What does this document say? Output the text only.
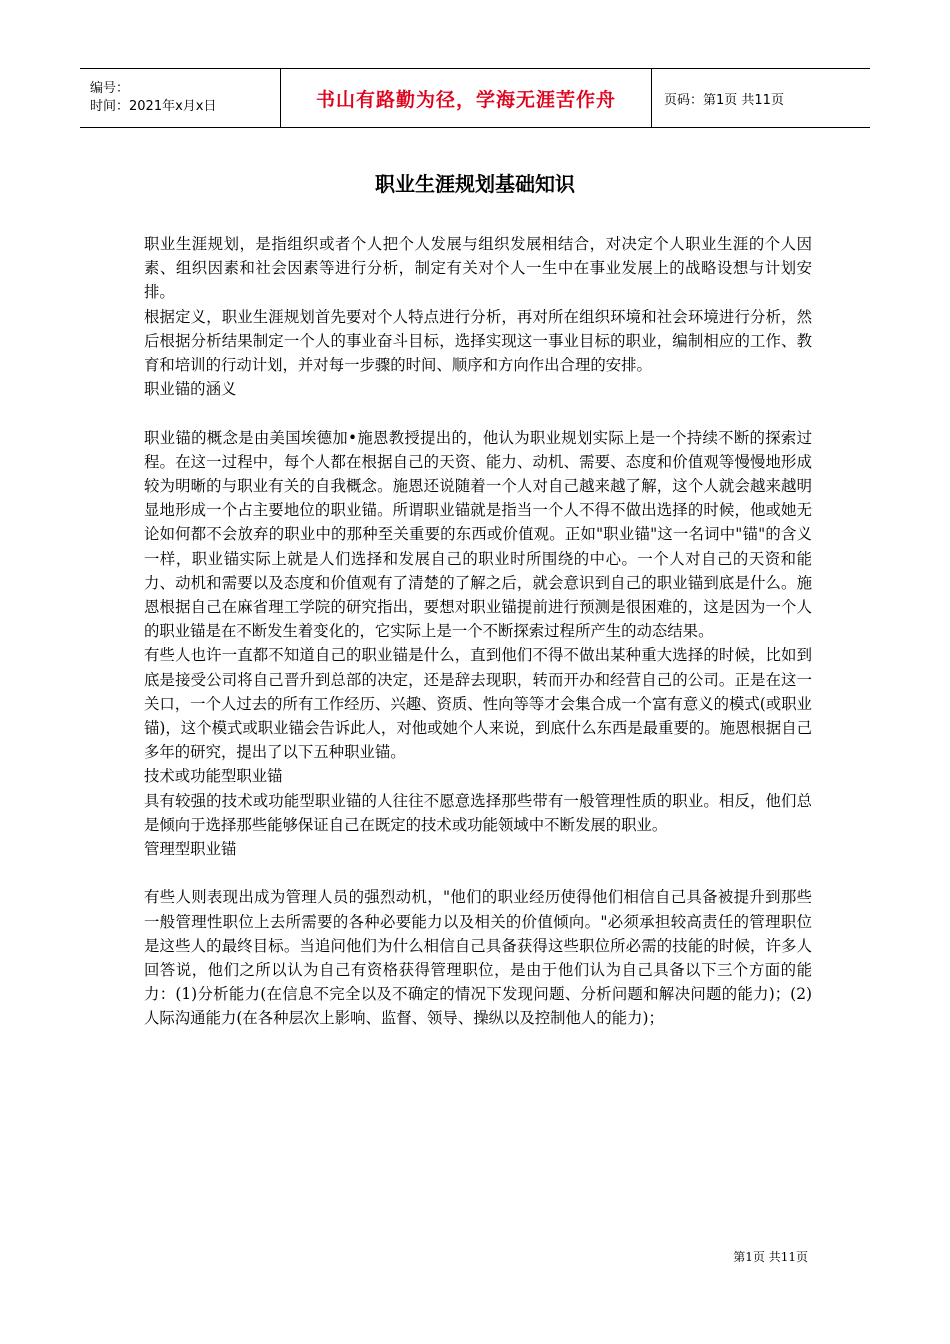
编号：
时间：2021年x月x日	书山有路勤为径，学海无涯苦作舟	页码：第1页 共11页
职业生涯规划基础知识

职业生涯规划，是指组织或者个人把个人发展与组织发展相结合，对决定个人职业生涯的个人因素、组织因素和社会因素等进行分析，制定有关对个人一生中在事业发展上的战略设想与计划安排。

根据定义，职业生涯规划首先要对个人特点进行分析，再对所在组织环境和社会环境进行分析，然后根据分析结果制定一个人的事业奋斗目标，选择实现这一事业目标的职业，编制相应的工作、教育和培训的行动计划，并对每一步骤的时间、顺序和方向作出合理的安排。

职业锚的涵义

职业锚的概念是由美国埃德加•施恩教授提出的，他认为职业规划实际上是一个持续不断的探索过程。在这一过程中，每个人都在根据自己的天资、能力、动机、需要、态度和价值观等慢慢地形成较为明晰的与职业有关的自我概念。施恩还说随着一个人对自己越来越了解，这个人就会越来越明显地形成一个占主要地位的职业锚。所谓职业锚就是指当一个人不得不做出选择的时候，他或她无论如何都不会放弃的职业中的那种至关重要的东西或价值观。正如"职业锚"这一名词中"锚"的含义一样，职业锚实际上就是人们选择和发展自己的职业时所围绕的中心。一个人对自己的天资和能力、动机和需要以及态度和价值观有了清楚的了解之后，就会意识到自己的职业锚到底是什么。施恩根据自己在麻省理工学院的研究指出，要想对职业锚提前进行预测是很困难的，这是因为一个人的职业锚是在不断发生着变化的，它实际上是一个不断探索过程所产生的动态结果。

有些人也许一直都不知道自己的职业锚是什么，直到他们不得不做出某种重大选择的时候，比如到底是接受公司将自己晋升到总部的决定，还是辞去现职，转而开办和经营自己的公司。正是在这一关口，一个人过去的所有工作经历、兴趣、资质、性向等等才会集合成一个富有意义的模式(或职业锚)，这个模式或职业锚会告诉此人，对他或她个人来说，到底什么东西是最重要的。施恩根据自己多年的研究，提出了以下五种职业锚。

技术或功能型职业锚

具有较强的技术或功能型职业锚的人往往不愿意选择那些带有一般管理性质的职业。相反，他们总是倾向于选择那些能够保证自己在既定的技术或功能领域中不断发展的职业。

管理型职业锚

有些人则表现出成为管理人员的强烈动机，"他们的职业经历使得他们相信自己具备被提升到那些一般管理性职位上去所需要的各种必要能力以及相关的价值倾向。"必须承担较高责任的管理职位是这些人的最终目标。当追问他们为什么相信自己具备获得这些职位所必需的技能的时候，许多人回答说，他们之所以认为自己有资格获得管理职位，是由于他们认为自己具备以下三个方面的能力：(1)分析能力(在信息不完全以及不确定的情况下发现问题、分析问题和解决问题的能力)；(2)人际沟通能力(在各种层次上影响、监督、领导、操纵以及控制他人的能力)；

第1页 共11页
